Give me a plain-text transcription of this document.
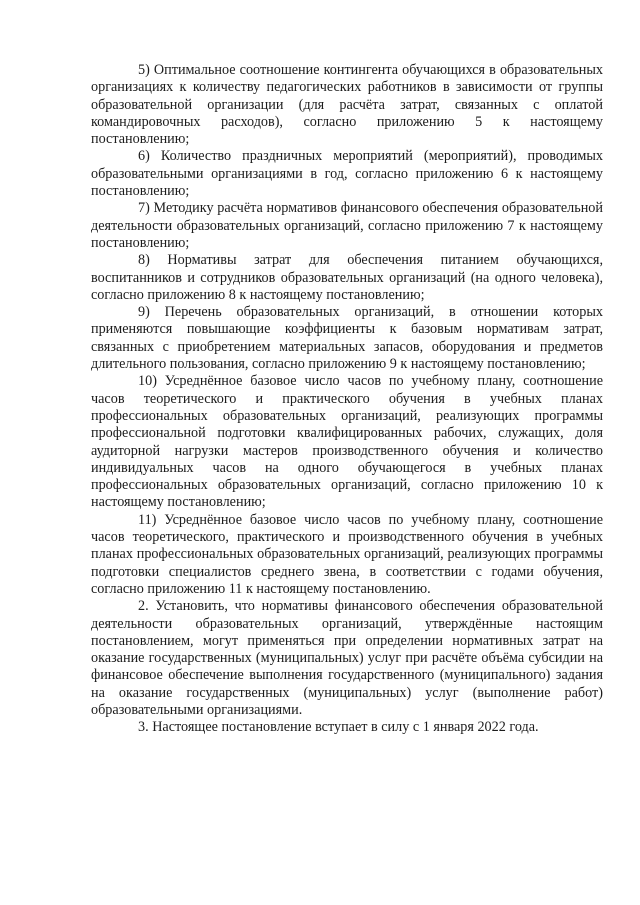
5) Оптимальное соотношение контингента обучающихся в образовательных организациях к количеству педагогических работников в зависимости от группы образовательной организации (для расчёта затрат, связанных с оплатой командировочных расходов), согласно приложению 5 к настоящему постановлению;

6) Количество праздничных мероприятий (мероприятий), проводимых образовательными организациями в год, согласно приложению 6 к настоящему постановлению;

7) Методику расчёта нормативов финансового обеспечения образовательной деятельности образовательных организаций, согласно приложению 7 к настоящему постановлению;

8) Нормативы затрат для обеспечения питанием обучающихся, воспитанников и сотрудников образовательных организаций (на одного человека), согласно приложению 8 к настоящему постановлению;

9) Перечень образовательных организаций, в отношении которых применяются повышающие коэффициенты к базовым нормативам затрат, связанных с приобретением материальных запасов, оборудования и предметов длительного пользования, согласно приложению 9 к настоящему постановлению;

10) Усреднённое базовое число часов по учебному плану, соотношение часов теоретического и практического обучения в учебных планах профессиональных образовательных организаций, реализующих программы профессиональной подготовки квалифицированных рабочих, служащих, доля аудиторной нагрузки мастеров производственного обучения и количество индивидуальных часов на одного обучающегося в учебных планах профессиональных образовательных организаций, согласно приложению 10 к настоящему постановлению;

11) Усреднённое базовое число часов по учебному плану, соотношение часов теоретического, практического и производственного обучения в учебных планах профессиональных образовательных организаций, реализующих программы подготовки специалистов среднего звена, в соответствии с годами обучения, согласно приложению 11 к настоящему постановлению.

2. Установить, что нормативы финансового обеспечения образовательной деятельности образовательных организаций, утверждённые настоящим постановлением, могут применяться при определении нормативных затрат на оказание государственных (муниципальных) услуг при расчёте объёма субсидии на финансовое обеспечение выполнения государственного (муниципального) задания на оказание государственных (муниципальных) услуг (выполнение работ) образовательными организациями.

3. Настоящее постановление вступает в силу с 1 января 2022 года.
